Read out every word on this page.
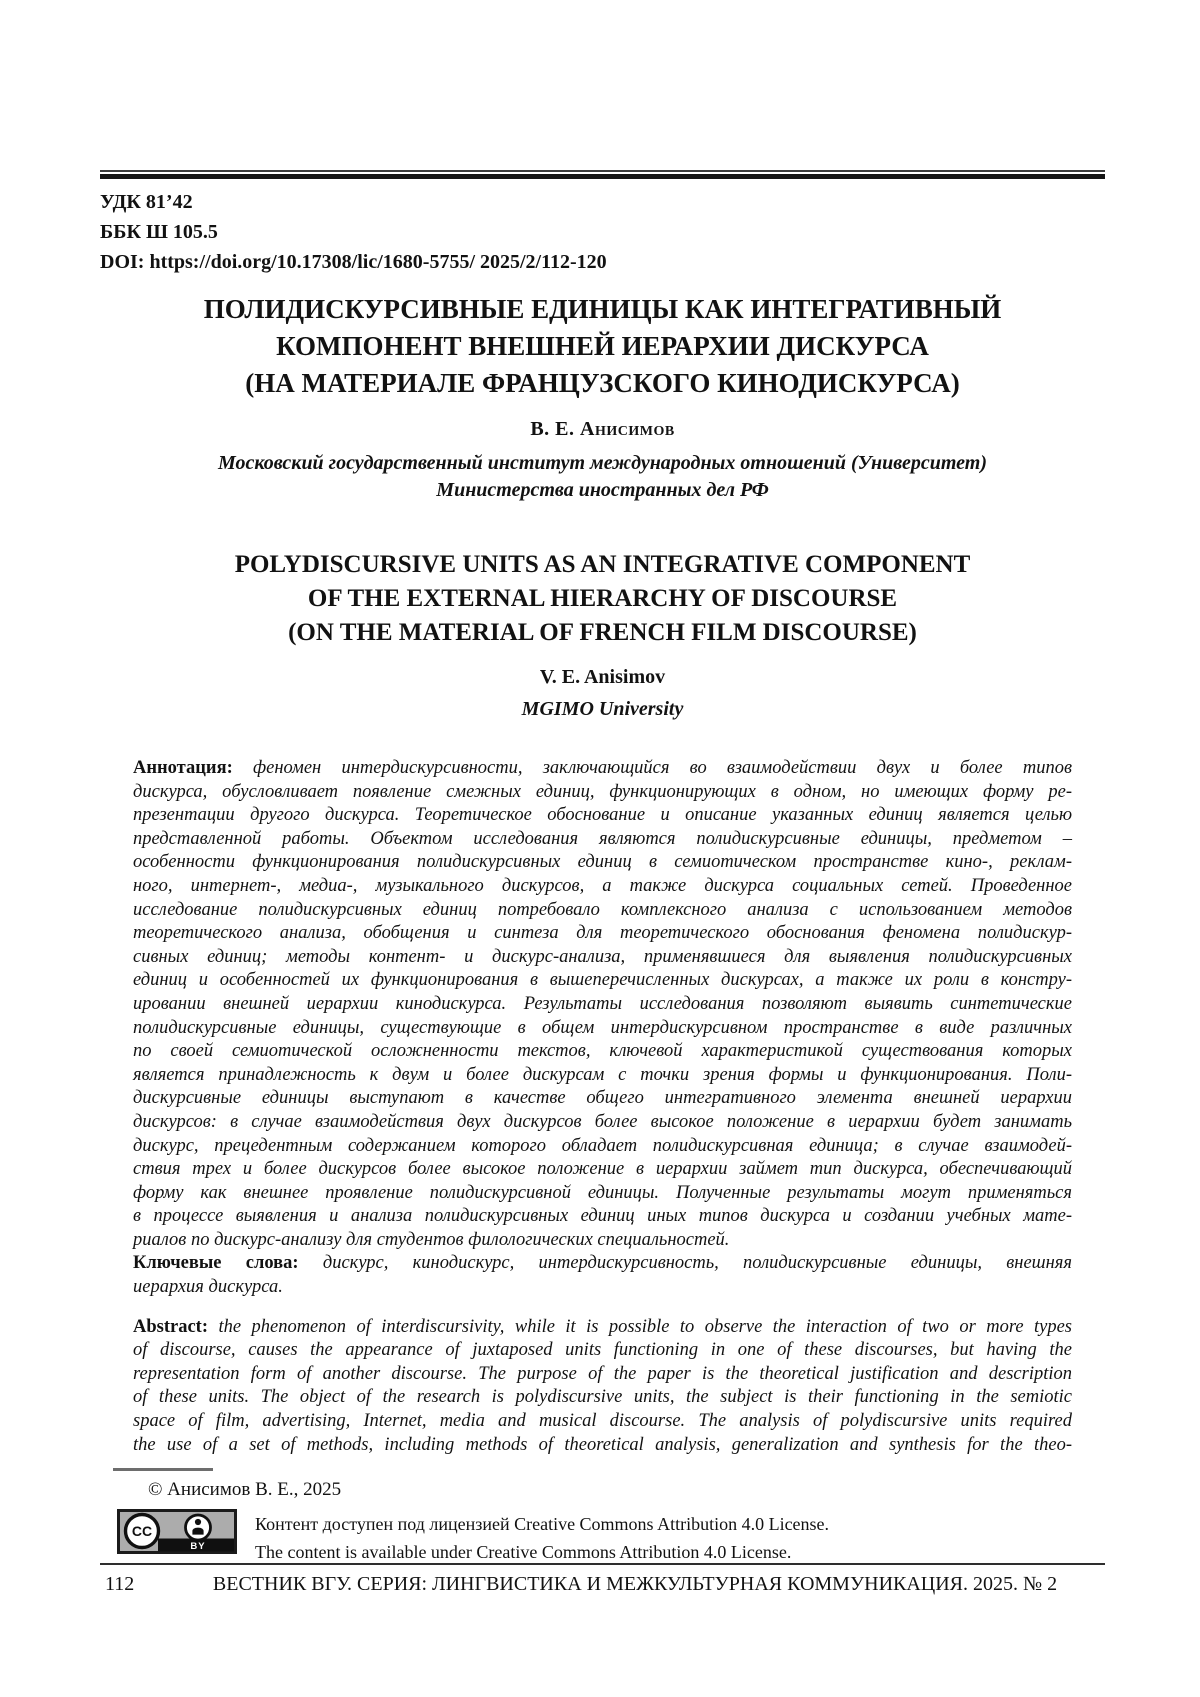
УДК 81’42
ББК Ш 105.5
DOI: https://doi.org/10.17308/lic/1680-5755/ 2025/2/112-120
ПОЛИДИСКУРСИВНЫЕ ЕДИНИЦЫ КАК ИНТЕГРАТИВНЫЙ
КОМПОНЕНТ ВНЕШНЕЙ ИЕРАРХИИ ДИСКУРСА
(НА МАТЕРИАЛЕ ФРАНЦУЗСКОГО КИНОДИСКУРСА)
В. Е. Анисимов
Московский государственный институт международных отношений (Университет)
Министерства иностранных дел РФ
POLYDISCURSIVE UNITS AS AN INTEGRATIVE COMPONENT
OF THE EXTERNAL HIERARCHY OF DISCOURSE
(ON THE MATERIAL OF FRENCH FILM DISCOURSE)
V. E. Anisimov
MGIMO University
Аннотация: феномен интердискурсивности, заключающийся во взаимодействии двух и более типов
дискурса, обусловливает появление смежных единиц, функционирующих в одном, но имеющих форму ре-
презентации другого дискурса. Теоретическое обоснование и описание указанных единиц является целью
представленной работы. Объектом исследования являются полидискурсивные единицы, предметом –
особенности функционирования полидискурсивных единиц в семиотическом пространстве кино-, реклам-
ного, интернет-, медиа-, музыкального дискурсов, а также дискурса социальных сетей. Проведенное
исследование полидискурсивных единиц потребовало комплексного анализа с использованием методов
теоретического анализа, обобщения и синтеза для теоретического обоснования феномена полидискур-
сивных единиц; методы контент- и дискурс-анализа, применявшиеся для выявления полидискурсивных
единиц и особенностей их функционирования в вышеперечисленных дискурсах, а также их роли в констру-
ировании внешней иерархии кинодискурса. Результаты исследования позволяют выявить синтетические
полидискурсивные единицы, существующие в общем интердискурсивном пространстве в виде различных
по своей семиотической осложненности текстов, ключевой характеристикой существования которых
является принадлежность к двум и более дискурсам с точки зрения формы и функционирования. Поли-
дискурсивные единицы выступают в качестве общего интегративного элемента внешней иерархии
дискурсов: в случае взаимодействия двух дискурсов более высокое положение в иерархии будет занимать
дискурс, прецедентным содержанием которого обладает полидискурсивная единица; в случае взаимодей-
ствия трех и более дискурсов более высокое положение в иерархии займет тип дискурса, обеспечивающий
форму как внешнее проявление полидискурсивной единицы. Полученные результаты могут применяться
в процессе выявления и анализа полидискурсивных единиц иных типов дискурса и создании учебных мате-
риалов по дискурс-анализу для студентов филологических специальностей.
Ключевые слова: дискурс, кинодискурс, интердискурсивность, полидискурсивные единицы, внешняя
иерархия дискурса.
Abstract: the phenomenon of interdiscursivity, while it is possible to observe the interaction of two or more types
of discourse, causes the appearance of juxtaposed units functioning in one of these discourses, but having the
representation form of another discourse. The purpose of the paper is the theoretical justification and description
of these units. The object of the research is polydiscursive units, the subject is their functioning in the semiotic
space of film, advertising, Internet, media and musical discourse. The analysis of polydiscursive units required
the use of a set of methods, including methods of theoretical analysis, generalization and synthesis for the theo-
© Анисимов В. Е., 2025
CC
BY
Контент доступен под лицензией Creative Commons Attribution 4.0 License.
The content is available under Creative Commons Attribution 4.0 License.
112	ВЕСТНИК ВГУ. СЕРИЯ: ЛИНГВИСТИКА И МЕЖКУЛЬТУРНАЯ КОММУНИКАЦИЯ. 2025. № 2
